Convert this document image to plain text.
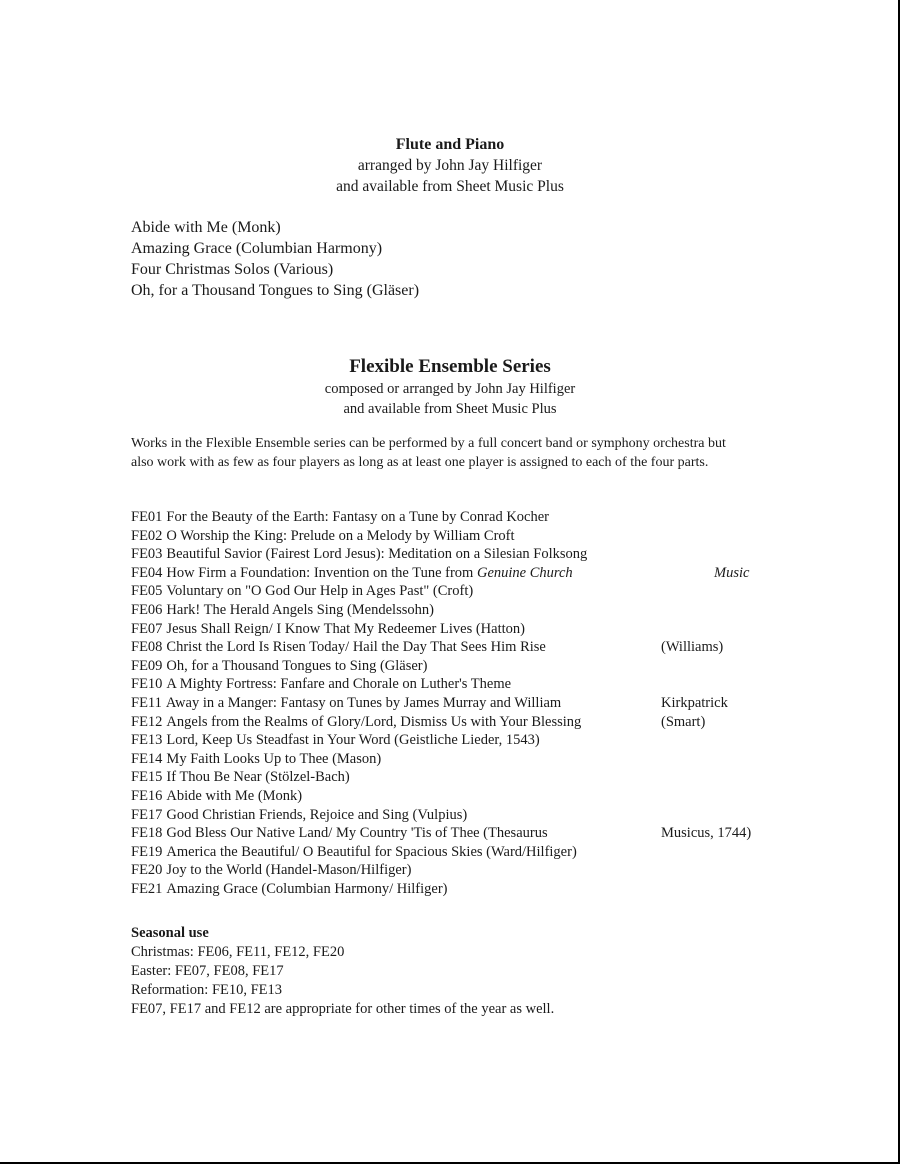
Flute and Piano
arranged by John Jay Hilfiger
and available from Sheet Music Plus
Abide with Me (Monk)
Amazing Grace (Columbian Harmony)
Four Christmas Solos (Various)
Oh, for a Thousand Tongues to Sing (Gläser)
Flexible Ensemble Series
composed or arranged by John Jay Hilfiger
and available from Sheet Music Plus
Works in the Flexible Ensemble series can be performed by a full concert band or symphony orchestra but also work with as few as four players as long as at least one player is assigned to each of the four parts.
FE01 For the Beauty of the Earth: Fantasy on a Tune by Conrad Kocher
FE02 O Worship the King: Prelude on a Melody by William Croft
FE03 Beautiful Savior (Fairest Lord Jesus): Meditation on a Silesian Folksong
FE04 How Firm a Foundation: Invention on the Tune from Genuine Church	Music
FE05 Voluntary on "O God Our Help in Ages Past" (Croft)
FE06 Hark! The Herald Angels Sing (Mendelssohn)
FE07 Jesus Shall Reign/ I Know That My Redeemer Lives (Hatton)
FE08 Christ the Lord Is Risen Today/ Hail the Day That Sees Him Rise	(Williams)
FE09 Oh, for a Thousand Tongues to Sing (Gläser)
FE10 A Mighty Fortress: Fanfare and Chorale on Luther's Theme
FE11 Away in a Manger: Fantasy on Tunes by James Murray and William	Kirkpatrick
FE12 Angels from the Realms of Glory/Lord, Dismiss Us with Your Blessing	(Smart)
FE13 Lord, Keep Us Steadfast in Your Word (Geistliche Lieder, 1543)
FE14 My Faith Looks Up to Thee (Mason)
FE15 If Thou Be Near (Stölzel-Bach)
FE16 Abide with Me (Monk)
FE17 Good Christian Friends, Rejoice and Sing (Vulpius)
FE18 God Bless Our Native Land/ My Country 'Tis of Thee (Thesaurus	Musicus, 1744)
FE19 America the Beautiful/ O Beautiful for Spacious Skies (Ward/Hilfiger)
FE20 Joy to the World (Handel-Mason/Hilfiger)
FE21 Amazing Grace (Columbian Harmony/ Hilfiger)
Seasonal use
Christmas: FE06, FE11, FE12, FE20
Easter: FE07, FE08, FE17
Reformation: FE10, FE13
FE07, FE17 and FE12 are appropriate for other times of the year as well.
